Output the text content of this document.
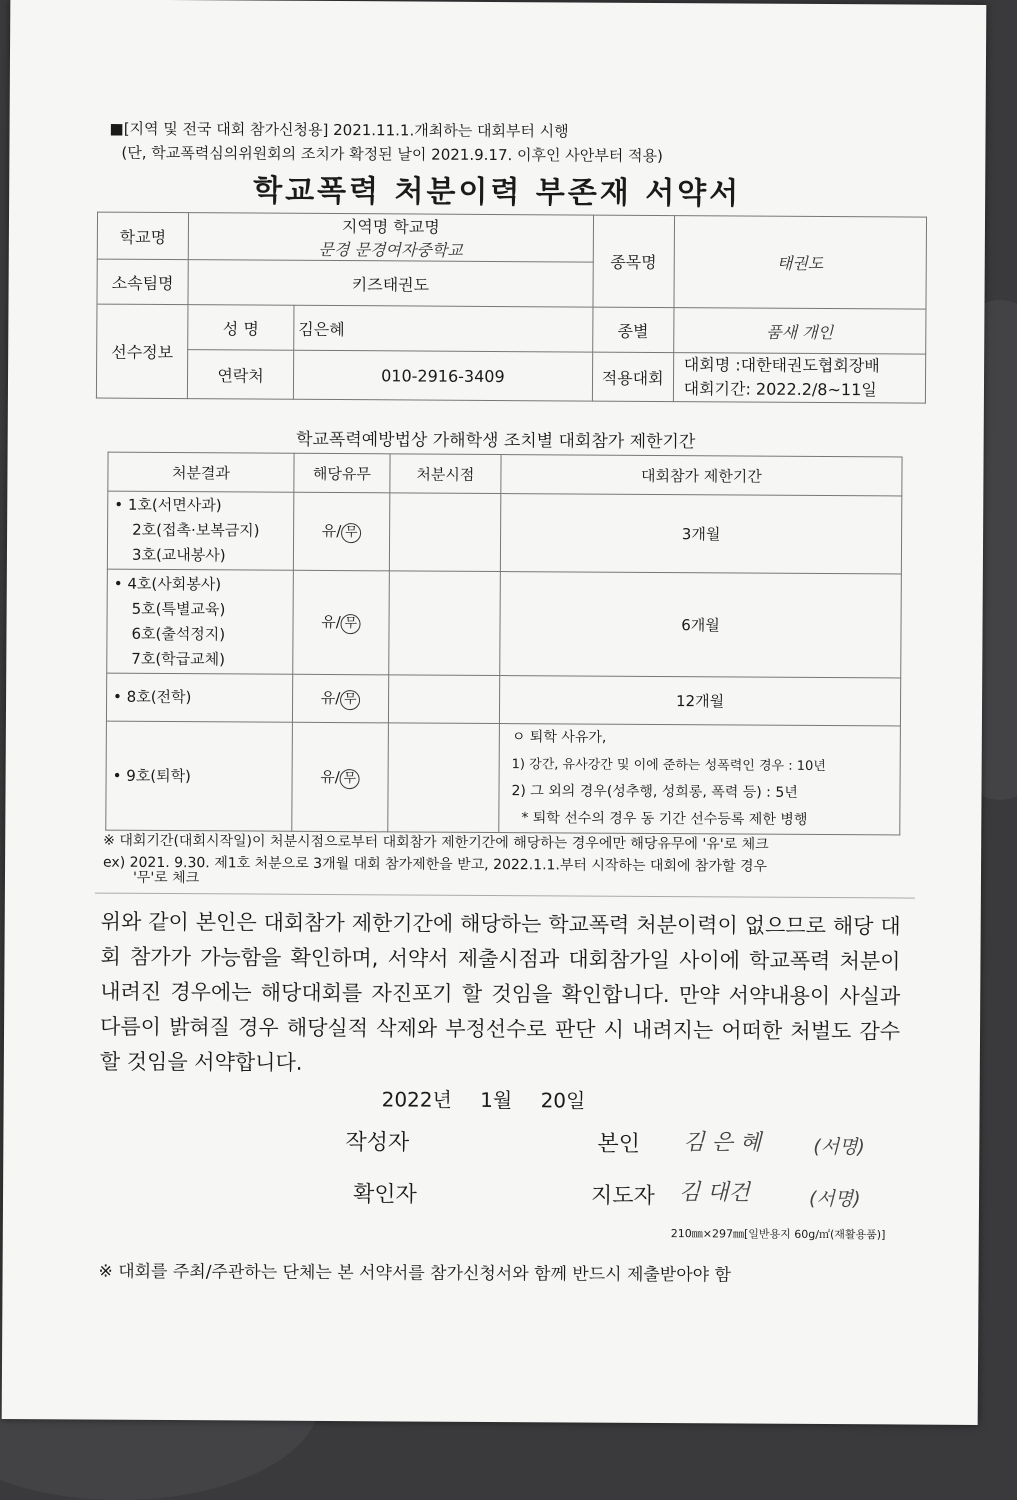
■[지역 및 전국 대회 참가신청용] 2021.11.1.개최하는 대회부터 시행
(단, 학교폭력심의위원회의 조치가 확정된 날이 2021.9.17. 이후인 사안부터 적용)
학교폭력 처분이력 부존재 서약서
학교명	지역명 학교명
문경 문경여자중학교		종목명	태권도
소속팀명	키즈태권도			
선수정보	성 명	김은혜	종별	품새 개인
	연락처	010-2916-3409	적용대회	대회명 :대한태권도협회장배
대회기간: 2022.2/8~11일
학교폭력예방법상 가해학생 조치별 대회참가 제한기간
처분결과	해당유무	처분시점	대회참가 제한기간

• 1호(서면사과)
2호(접촉·보복금지)
3호(교내봉사)	유/ 무		3개월

• 4호(사회봉사)
5호(특별교육)
6호(출석정지)
7호(학급교체)	유/ 무		6개월

• 8호(전학)	유/ 무		12개월

• 9호(퇴학)	유/ 무		ㅇ 퇴학 사유가,
1) 강간, 유사강간 및 이에 준하는 성폭력인 경우 : 10년
2) 그 외의 경우(성추행, 성희롱, 폭력 등) : 5년
* 퇴학 선수의 경우 동 기간 선수등록 제한 병행
※ 대회기간(대회시작일)이 처분시점으로부터 대회참가 제한기간에 해당하는 경우에만 해당유무에 '유'로 체크
ex) 2021. 9.30. 제1호 처분으로 3개월 대회 참가제한을 받고, 2022.1.1.부터 시작하는 대회에 참가할 경우
'무'로 체크
위와 같이 본인은 대회참가 제한기간에 해당하는 학교폭력 처분이력이 없으므로 해당 대회 참가가 가능함을 확인하며, 서약서 제출시점과 대회참가일 사이에 학교폭력 처분이 내려진 경우에는 해당대회를 자진포기 할 것임을 확인합니다. 만약 서약내용이 사실과 다름이 밝혀질 경우 해당실적 삭제와 부정선수로 판단 시 내려지는 어떠한 처벌도 감수할 것임을 서약합니다.
2022년 1월 20일
작성자	본인 김 은 혜	(서명)
확인자	지도자 김 대건	(서명)
210㎜×297㎜[일반용지 60g/㎡(재활용품)]
※ 대회를 주최/주관하는 단체는 본 서약서를 참가신청서와 함께 반드시 제출받아야 함
